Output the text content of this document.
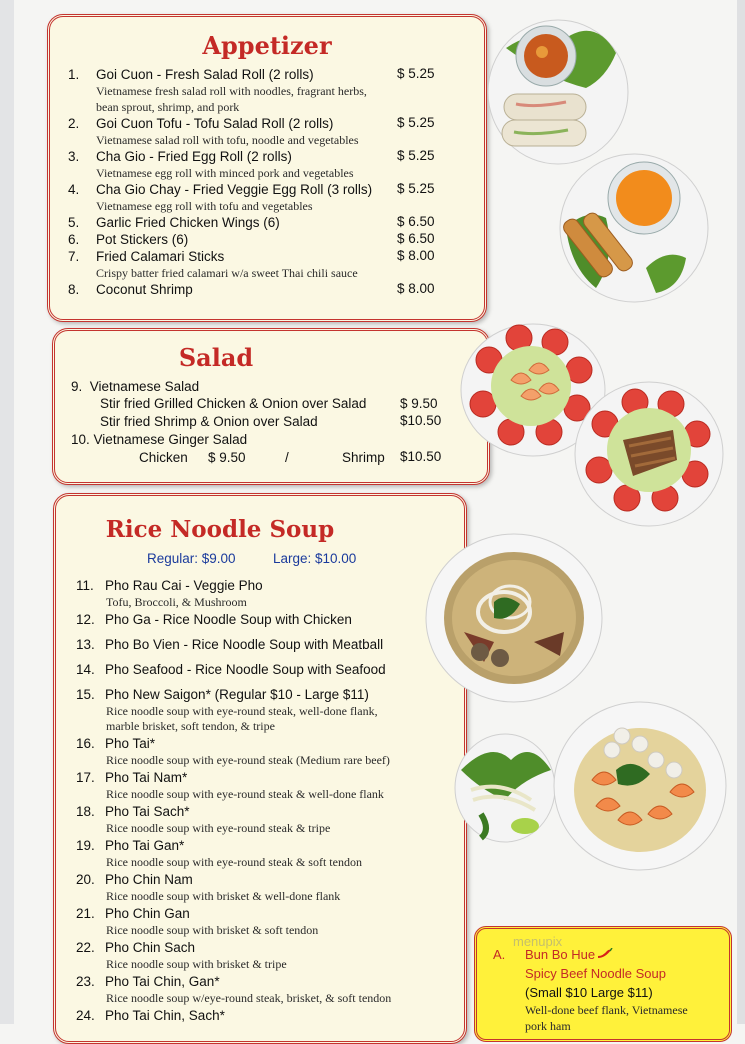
Appetizer
1. Goi Cuon - Fresh Salad Roll (2 rolls)	$ 5.25
Vietnamese fresh salad roll with noodles, fragrant herbs,
bean sprout, shrimp, and pork
2. Goi Cuon Tofu - Tofu Salad Roll (2 rolls)	$ 5.25
Vietnamese salad roll with tofu, noodle and vegetables
3. Cha Gio - Fried Egg Roll (2 rolls)	$ 5.25
Vietnamese egg roll with minced pork and vegetables
4. Cha Gio Chay - Fried Veggie Egg Roll (3 rolls) $ 5.25
Vietnamese egg roll with tofu and vegetables
5. Garlic Fried Chicken Wings (6)	$ 6.50
6. Pot Stickers (6)	$ 6.50
7. Fried Calamari Sticks	$ 8.00
Crispy batter fried calamari w/a sweet Thai chili sauce
8. Coconut Shrimp	$ 8.00
Salad
9. Vietnamese Salad
Stir fried Grilled Chicken & Onion over Salad $ 9.50
Stir fried Shrimp & Onion over Salad	$10.50
10. Vietnamese Ginger Salad
Chicken $ 9.50	/	Shrimp $10.50
Rice Noodle Soup
Regular: $9.00	Large: $10.00
11. Pho Rau Cai - Veggie Pho
Tofu, Broccoli, & Mushroom
12. Pho Ga - Rice Noodle Soup with Chicken
13. Pho Bo Vien - Rice Noodle Soup with Meatball
14. Pho Seafood - Rice Noodle Soup with Seafood
15. Pho New Saigon* (Regular $10 - Large $11)
Rice noodle soup with eye-round steak, well-done flank,
marble brisket, soft tendon, & tripe
16. Pho Tai*
Rice noodle soup with eye-round steak (Medium rare beef)
17. Pho Tai Nam*
Rice noodle soup with eye-round steak & well-done flank
18. Pho Tai Sach*
Rice noodle soup with eye-round steak & tripe
19. Pho Tai Gan*
Rice noodle soup with eye-round steak & soft tendon
20. Pho Chin Nam
Rice noodle soup with brisket & well-done flank
21. Pho Chin Gan
Rice noodle soup with brisket & soft tendon
22. Pho Chin Sach
Rice noodle soup with brisket & tripe
23. Pho Tai Chin, Gan*
Rice noodle soup w/eye-round steak, brisket, & soft tendon
24. Pho Tai Chin, Sach*
A. Bun Bo Hue
menupix
Spicy Beef Noodle Soup
(Small $10 Large $11)
Well-done beef flank, Vietnamese
pork ham
